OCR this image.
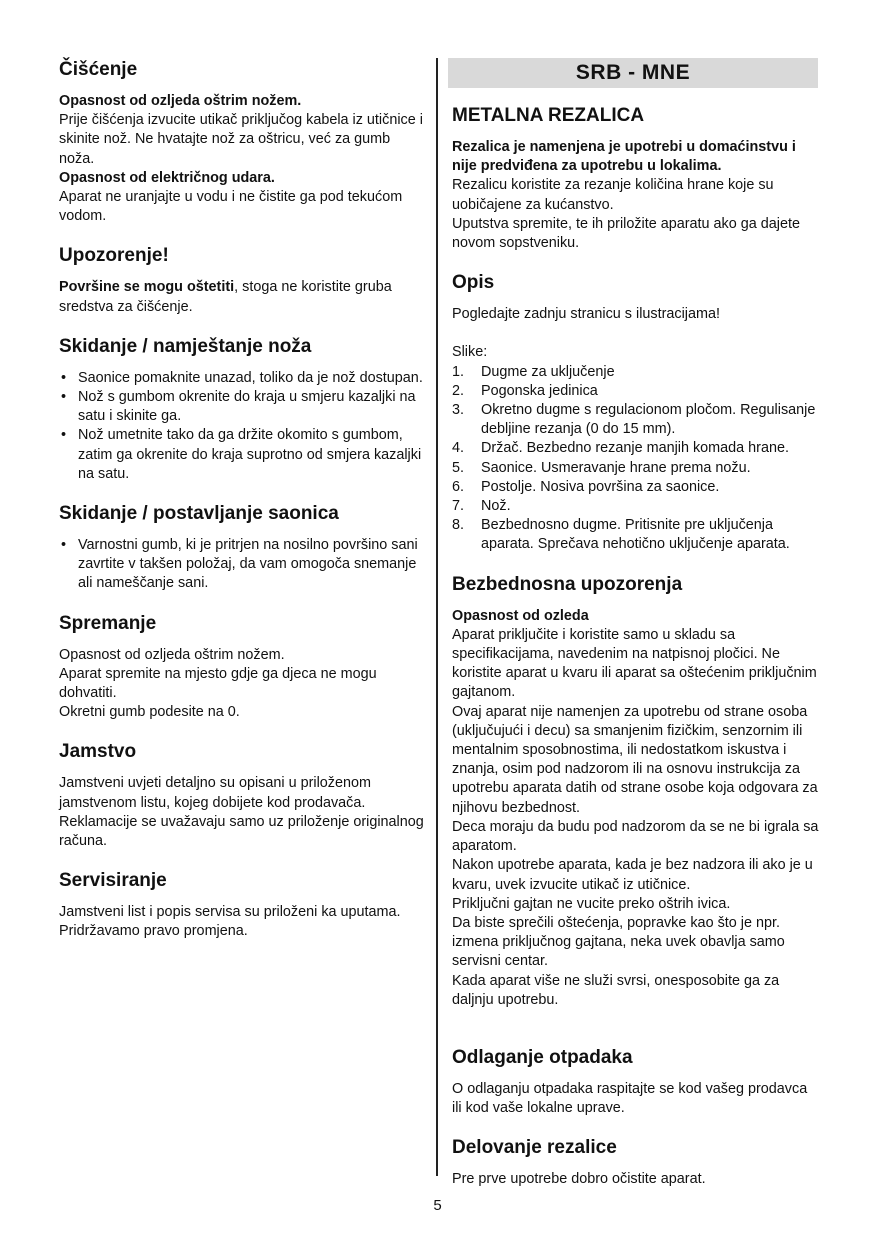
Čišćenje

Opasnost od ozljeda oštrim nožem.

Prije čišćenja izvucite utikač priključog kabela iz utičnice i skinite nož. Ne hvatajte nož za oštricu, već za gumb noža.

Opasnost od električnog udara.

Aparat ne uranjajte u vodu i ne čistite ga pod tekućom vodom.

Upozorenje!

Površine se mogu oštetiti, stoga ne koristite gruba sredstva za čišćenje.

Skidanje / namještanje noža
• Saonice pomaknite unazad, toliko da je nož dostupan.
• Nož s gumbom okrenite do kraja u smjeru kazaljki na satu i skinite ga.
• Nož umetnite tako da ga držite okomito s gumbom, zatim ga okrenite do kraja suprotno od smjera kazaljki na satu.
Skidanje / postavljanje saonica
• Varnostni gumb, ki je pritrjen na nosilno površino sani zavrtite v takšen položaj, da vam omogoča snemanje ali nameščanje sani.
Spremanje

Opasnost od ozljeda oštrim nožem.

Aparat spremite na mjesto gdje ga djeca ne mogu dohvatiti.

Okretni gumb podesite na 0.

Jamstvo

Jamstveni uvjeti detaljno su opisani u priloženom jamstvenom listu, kojeg dobijete kod prodavača. Reklamacije se uvažavaju samo uz priloženje originalnog računa.

Servisiranje

Jamstveni list i popis servisa su priloženi ka uputama. Pridržavamo pravo promjena.

SRB - MNE
METALNA REZALICA

Rezalica je namenjena je upotrebi u domaćinstvu i nije predviđena za upotrebu u lokalima.

Rezalicu koristite za rezanje količina hrane koje su uobičajene za kućanstvo.

Uputstva spremite, te ih priložite aparatu ako ga dajete novom sopstveniku.

Opis

Pogledajte zadnju stranicu s ilustracijama!

Slike:

1. Dugme za uključenje
2. Pogonska jedinica
3. Okretno dugme s regulacionom pločom. Regulisanje debljine rezanja (0 do 15 mm).
4. Držač. Bezbedno rezanje manjih komada hrane.
5. Saonice. Usmeravanje hrane prema nožu.
6. Postolje. Nosiva površina za saonice.
7. Nož.
8. Bezbednosno dugme. Pritisnite pre uključenja aparata. Sprečava nehotično uključenje aparata.
Bezbednosna upozorenja

Opasnost od ozleda

Aparat priključite i koristite samo u skladu sa specifikacijama, navedenim na natpisnoj pločici. Ne koristite aparat u kvaru ili aparat sa oštećenim priključnim gajtanom.

Ovaj aparat nije namenjen za upotrebu od strane osoba (uključujući i decu) sa smanjenim fizičkim, senzornim ili mentalnim sposobnostima, ili nedostatkom iskustva i znanja, osim pod nadzorom ili na osnovu instrukcija za upotrebu aparata datih od strane osobe koja odgovara za njihovu bezbednost.

Deca moraju da budu pod nadzorom da se ne bi igrala sa aparatom.

Nakon upotrebe aparata, kada je bez nadzora ili ako je u kvaru, uvek izvucite utikač iz utičnice.

Priključni gajtan ne vucite preko oštrih ivica.

Da biste sprečili oštećenja, popravke kao što je npr. izmena priključnog gajtana, neka uvek obavlja samo servisni centar.

Kada aparat više ne služi svrsi, onesposobite ga za daljnju upotrebu.

Odlaganje otpadaka

O odlaganju otpadaka raspitajte se kod vašeg prodavca ili kod vaše lokalne uprave.

Delovanje rezalice

Pre prve upotrebe dobro očistite aparat.

5
